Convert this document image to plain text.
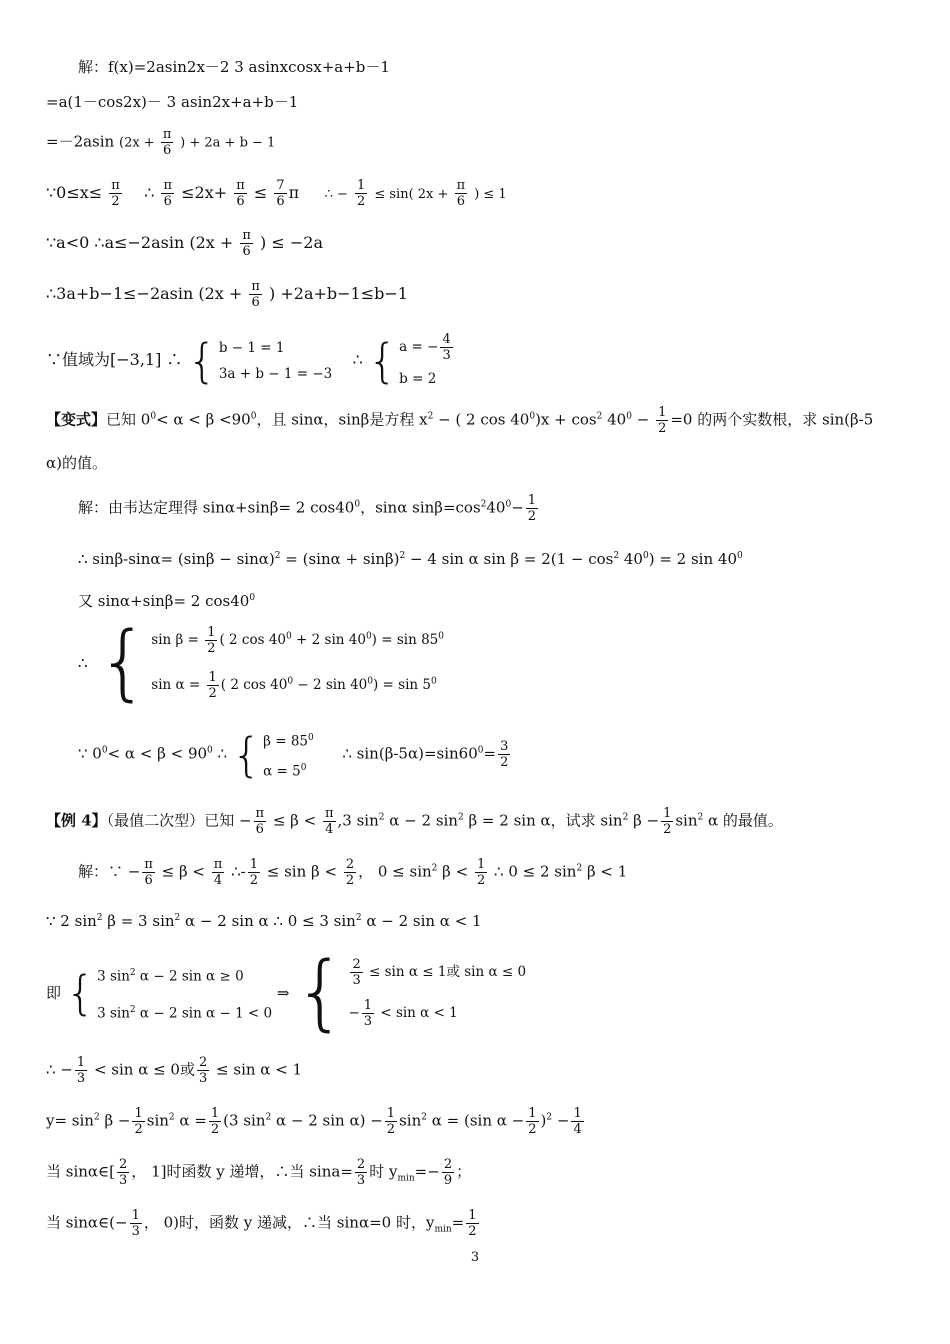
解：f(x)=2asin2x－2 3 asinxcosx+a+b－1
=a(1－cos2x)－ 3 asin2x+a+b－1
=－2asin ($2x + \frac{\pi}{6}$ ) + 2a + b − 1
∵0≤x≤ $\frac{\pi}{2}$ ∴ $\frac{\pi}{6} \le 2x+ \frac{\pi}{6} \le \frac{7}{6}$ π ∴ − $\frac{1}{2} \le \sin$( $2x + \frac{\pi}{6}$ ) ≤ 1
∵a<0 ∴a≤−2asin ($2x + \frac{\pi}{6}$ ) ≤ −2a
∴3a+b−1≤−2asin ($2x + \frac{\pi}{6}$ ) +2a+b−1≤b−1
∵值域为[−3,1] ∴ { b − 1 = 1
3a + b − 1 = −3
∴ { a = − $\frac{4}{3}$
b = 2
【变式】已知 $0^0< \alpha < \beta <90^0$，且 sinα，sinβ是方程 $x^2$ − ( 2 $\cos 40^0)x + \cos^2 40^0 - \frac{1}{2} =0$ 的两个实数根，求 sin(β-5
α)的值。
解：由韦达定理得 sinα+sinβ= 2 $\cos 40^0$，sinα $\sin\beta=\cos^240^0- \frac{1}{2}$
∴ $\sin\beta-\sin\alpha= (\sin\beta - \sin\alpha)^2 = (\sin\alpha + \sin\beta)^2 - 4$ sin α $\sin \beta = 2(1 - \cos^2 40^0) = 2$ $\sin 40^0$
又 sinα+sinβ= 2 $\cos 40^0$
∴ { $\sin \beta = \frac{1}{2}$ ( 2 $\cos 40^0 + 2$ $\sin 40^0) = \sin 85^0$
$\sin \alpha = \frac{1}{2}$ ( 2 $\cos 40^0 - 2$ $\sin 40^0) = \sin 5^0$
∵ $0^0< \alpha < \beta < 90^0$ ∴ { $\beta = 85^0$
$\alpha = 5^0$
∴ $\sin(\beta-5\alpha)=\sin 60^0= \frac{3}{2}$
【例 4】（最值二次型）已知 − $\frac{\pi}{6} \le \beta < \frac{\pi}{4} ,3$ $\sin^2 \alpha - 2$ $\sin^2 \beta = 2$ sin α，试求 $\sin^2 \beta - \frac{1}{2} \sin^2 \alpha$ 的最值。
解：∵ − $\frac{\pi}{6} \le \beta < \frac{\pi}{4}$ ∴- $\frac{1}{2} \le \sin \beta < \frac{2}{2}$ ， $0 \le \sin^2 \beta < \frac{1}{2}$ ∴ 0 ≤ 2 $\sin^2 \beta < 1$
∵ 2 $\sin^2 \beta = 3$ $\sin^2 \alpha - 2$ sin α ∴ 0 ≤ 3 $\sin^2 \alpha - 2$ sin α < 1
即 { 3 $\sin^2 \alpha - 2$ sin α ≥ 0
3 $\sin^2 \alpha - 2$ sin α − 1 < 0
⇒ { $\frac{2}{3} \le \sin \alpha \le 1$或 sin α ≤ 0
− $\frac{1}{3} < \sin \alpha < 1$
∴ − $\frac{1}{3} < \sin \alpha \le 0$或 $\frac{2}{3} \le \sin \alpha < 1$
$y= \sin^2 \beta - \frac{1}{2} \sin^2 \alpha = \frac{1}{2} (3$ $\sin^2 \alpha - 2$ $\sin \alpha) - \frac{1}{2} \sin^2 \alpha = (\sin$ $\alpha - \frac{1}{2} )^2 - \frac{1}{4}$
当 sinα∈[ $\frac{2}{3}$ ， 1]时函数 y 递增，∴当 $\sin a= \frac{2}{3}$ 时 $y_{min}=- \frac{2}{9}$ ；
当 sinα∈(− $\frac{1}{3}$ ， 0)时，函数 y 递减，∴当 sinα=0 时，$y_{min}= \frac{1}{2}$
3
